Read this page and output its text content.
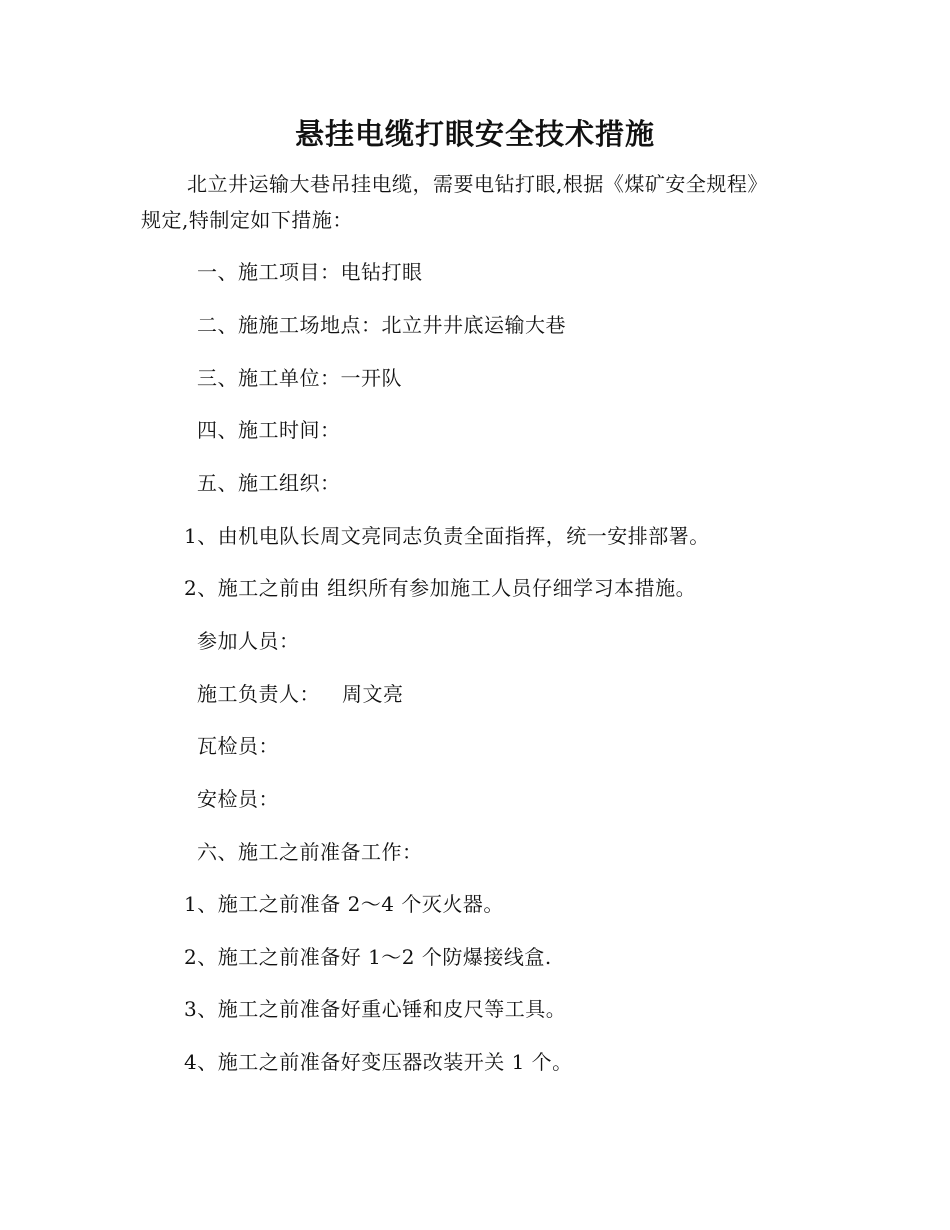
悬挂电缆打眼安全技术措施
北立井运输大巷吊挂电缆，需要电钻打眼,根据《煤矿安全规程》
规定,特制定如下措施：
一、施工项目：电钻打眼
二、施施工场地点：北立井井底运输大巷
三、施工单位：一开队
四、施工时间：
五、施工组织：
1、由机电队长周文亮同志负责全面指挥，统一安排部署。
2、施工之前由 组织所有参加施工人员仔细学习本措施。
参加人员：
施工负责人： 周文亮
瓦检员：
安检员：
六、施工之前准备工作：
1、施工之前准备 2～4 个灭火器。
2、施工之前准备好 1～2 个防爆接线盒.
3、施工之前准备好重心锤和皮尺等工具。
4、施工之前准备好变压器改装开关 1 个。
